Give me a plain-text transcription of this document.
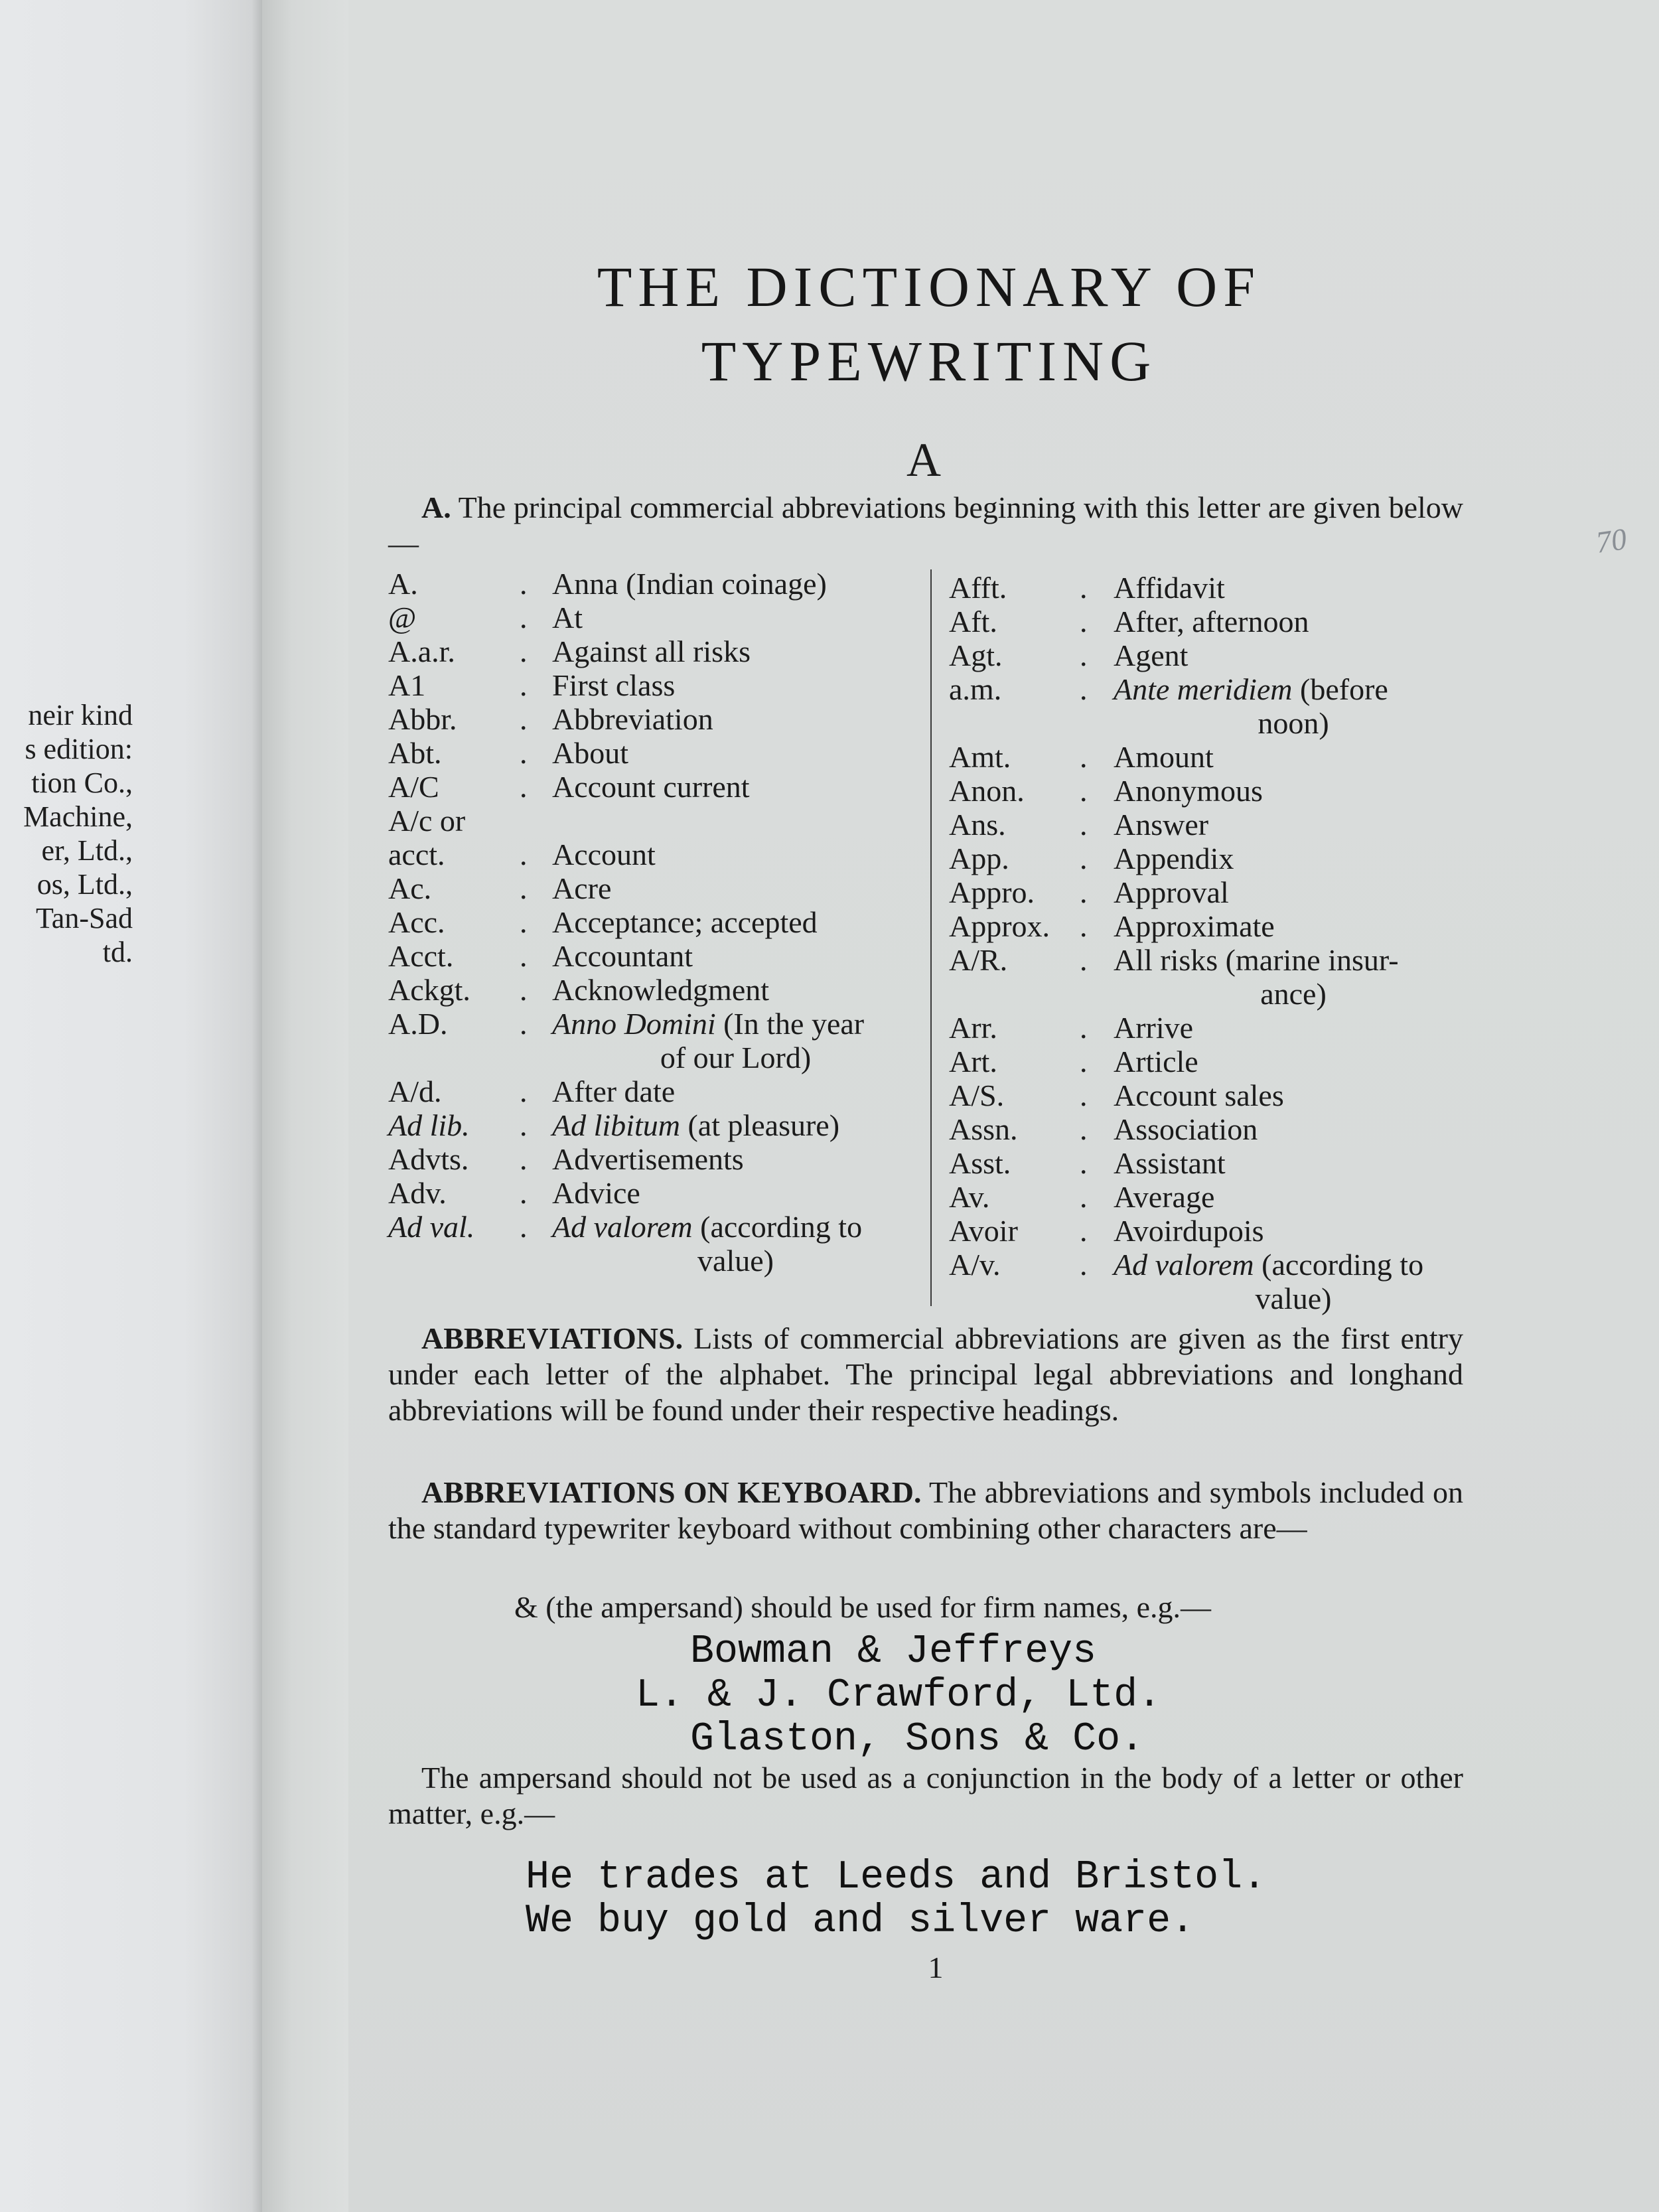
neir kind
s edition:
tion Co.,
Machine,
er, Ltd.,
os, Ltd.,
Tan-Sad
td.
70
THE DICTIONARY OF
TYPEWRITING
A
A. The principal commercial abbreviations beginning with this letter are given below—
A.	. Anna (Indian coinage)
@	. At
A.a.r. . Against all risks
A1	. First class
Abbr. . Abbreviation
Abt.	. About
A/C	. Account current
A/c or

acct. . Account
Ac.	. Acre
Acc. . Acceptance; accepted
Acct. . Accountant
Ackgt. . Acknowledgment
A.D. . Anno Domini (In the year
of our Lord)
A/d.	. After date
Ad lib. . Ad libitum (at pleasure)
Advts. . Advertisements
Adv. . Advice
Ad val. . Ad valorem (according to
value)
Afft. . Affidavit
Aft.	. After, afternoon
Agt.	. Agent
a.m.	. Ante meridiem (before
noon)
Amt. . Amount
Anon. . Anonymous
Ans. . Answer
App. . Appendix
Appro. . Approval
Approx. . Approximate
A/R. . All risks (marine insur-
ance)
Arr.	. Arrive
Art.	. Article
A/S. . Account sales
Assn. . Association
Asst. . Assistant
Av.	. Average
Avoir . Avoirdupois
A/v.	. Ad valorem (according to
value)
ABBREVIATIONS. Lists of commercial abbreviations are given as the first entry under each letter of the alphabet. The principal legal abbreviations and longhand abbreviations will be found under their respective headings.
ABBREVIATIONS ON KEYBOARD. The abbreviations and symbols included on the standard typewriter keyboard without combining other characters are—
& (the ampersand) should be used for firm names, e.g.—
Bowman & Jeffreys
L. & J. Crawford, Ltd.
Glaston, Sons & Co.
The ampersand should not be used as a conjunction in the body of a letter or other matter, e.g.—
He trades at Leeds and Bristol.
We buy gold and silver ware.
1
